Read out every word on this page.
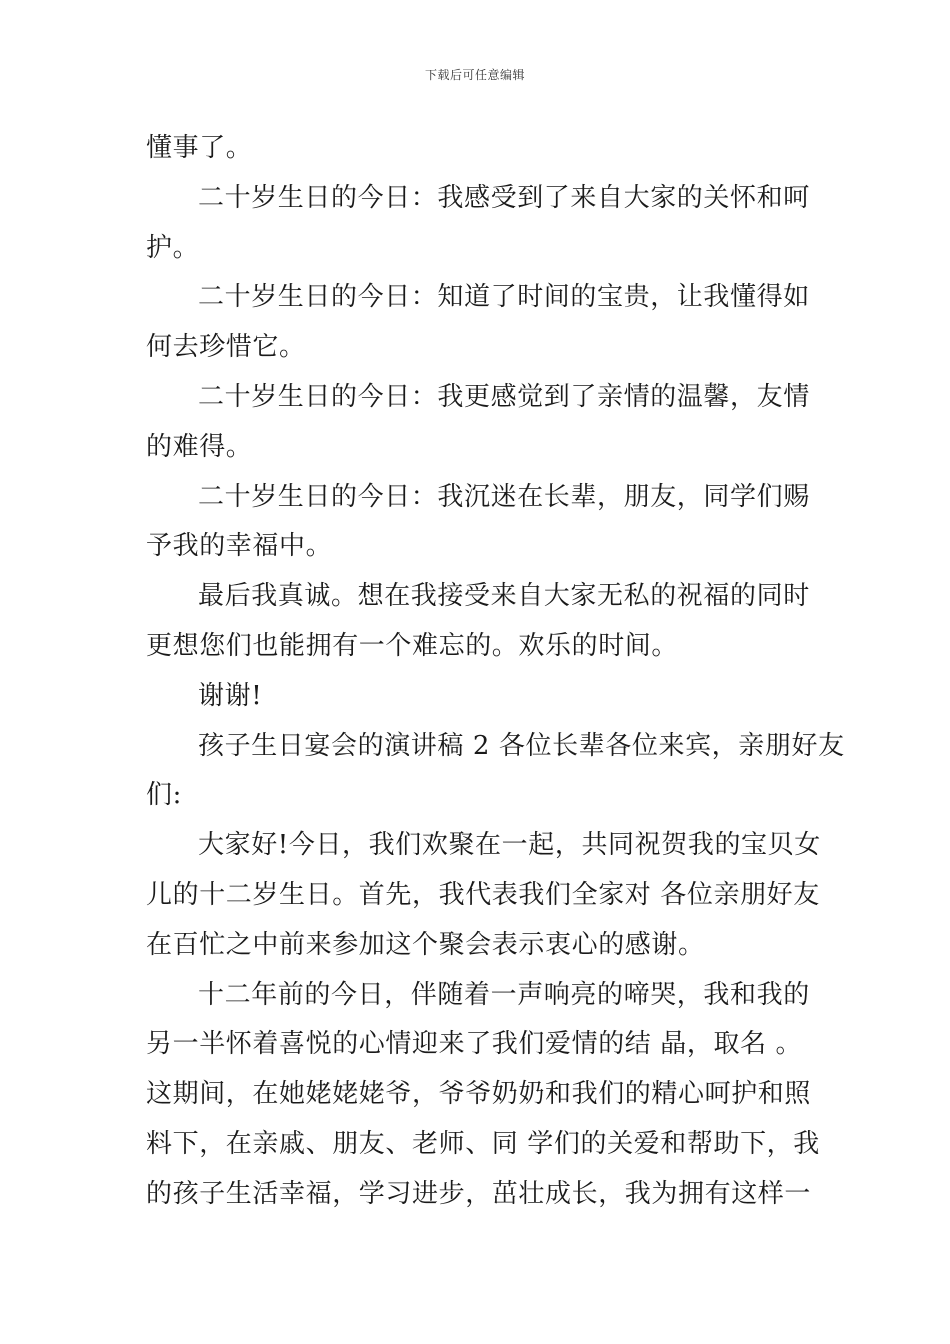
下载后可任意编辑
懂事了。
二十岁生日的今日：我感受到了来自大家的关怀和呵
护。
二十岁生日的今日：知道了时间的宝贵，让我懂得如
何去珍惜它。
二十岁生日的今日：我更感觉到了亲情的温馨，友情
的难得。
二十岁生日的今日：我沉迷在长辈，朋友，同学们赐
予我的幸福中。
最后我真诚。想在我接受来自大家无私的祝福的同时
更想您们也能拥有一个难忘的。欢乐的时间。
谢谢!
孩子生日宴会的演讲稿 2 各位长辈各位来宾，亲朋好友
们:
大家好!今日，我们欢聚在一起，共同祝贺我的宝贝女
儿的十二岁生日。首先，我代表我们全家对 各位亲朋好友
在百忙之中前来参加这个聚会表示衷心的感谢。
十二年前的今日，伴随着一声响亮的啼哭，我和我的
另一半怀着喜悦的心情迎来了我们爱情的结 晶，取名 。
这期间，在她姥姥姥爷，爷爷奶奶和我们的精心呵护和照
料下，在亲戚、朋友、老师、同 学们的关爱和帮助下，我
的孩子生活幸福，学习进步，茁壮成长，我为拥有这样一
